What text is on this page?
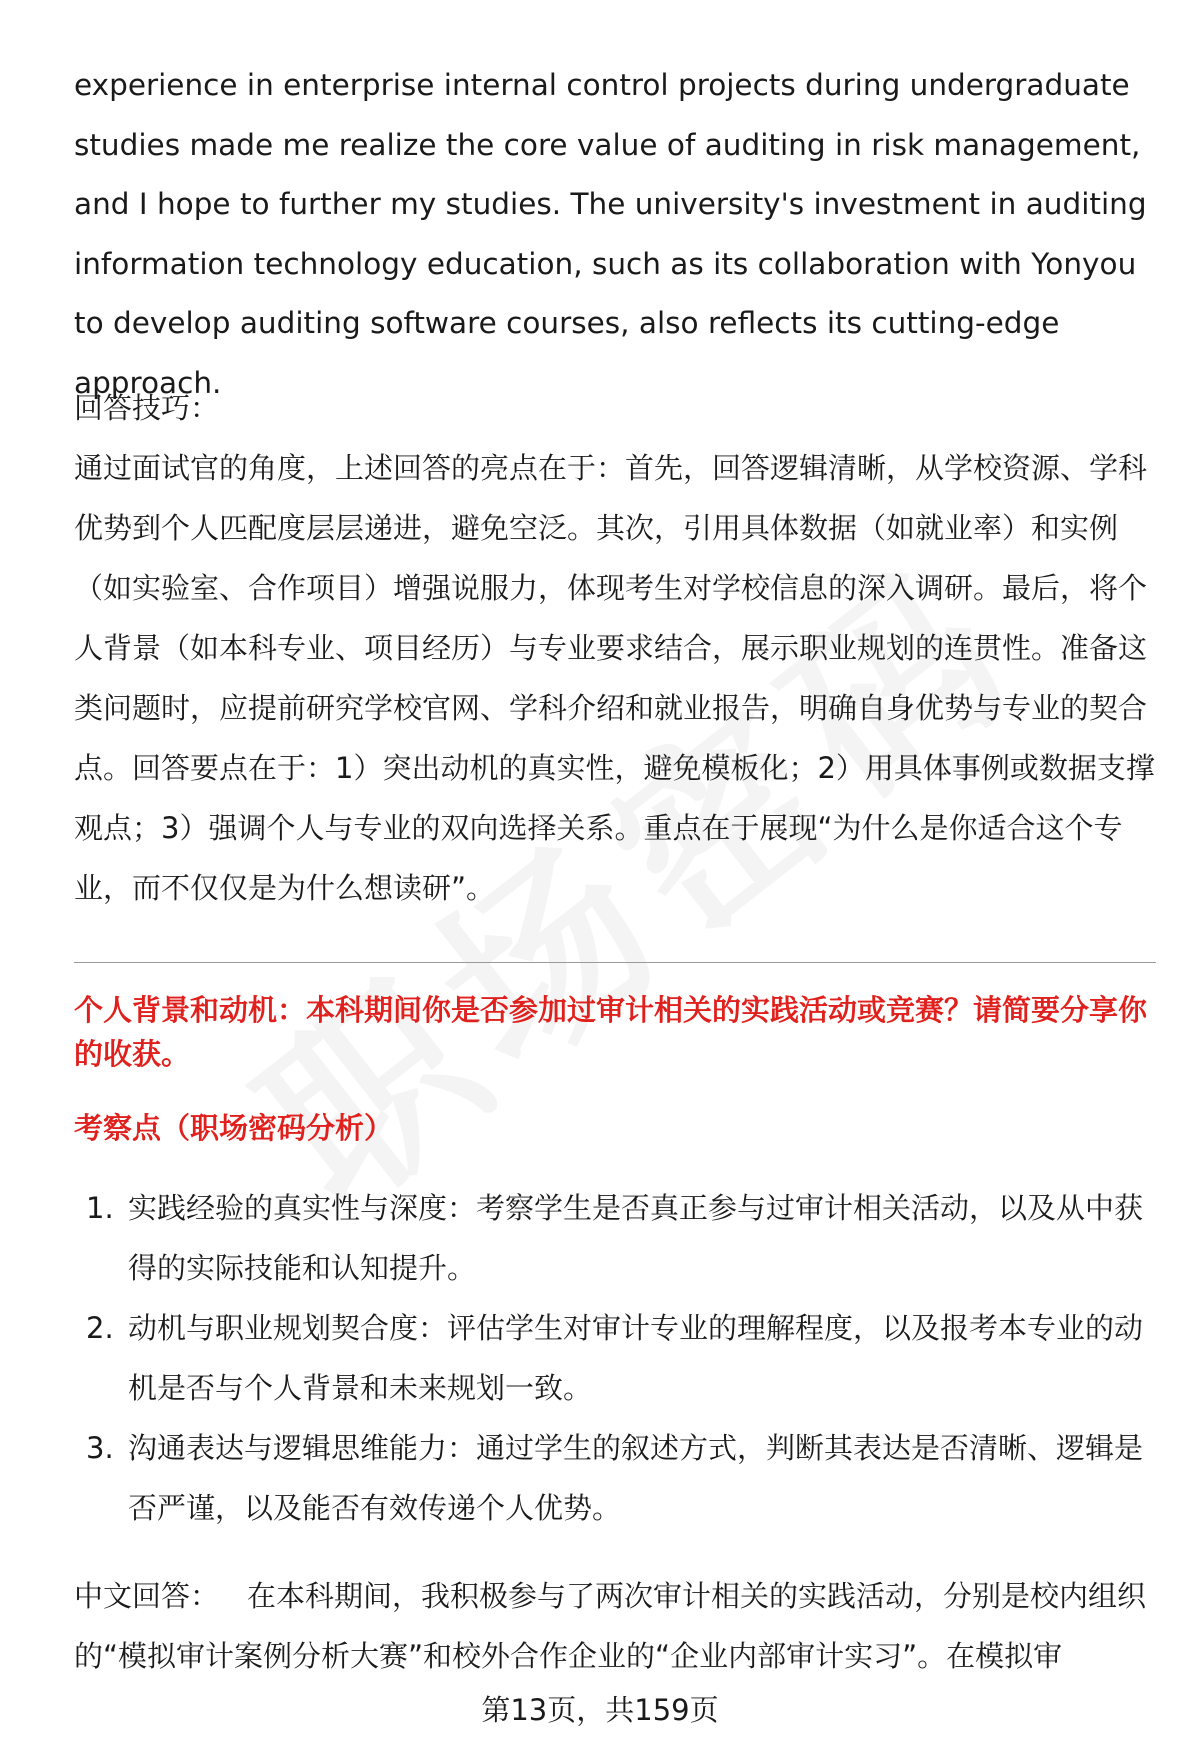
experience in enterprise internal control projects during undergraduate studies made me realize the core value of auditing in risk management, and I hope to further my studies. The university's investment in auditing information technology education, such as its collaboration with Yonyou to develop auditing software courses, also reflects its cutting-edge approach.

回答技巧：

通过面试官的角度，上述回答的亮点在于：首先，回答逻辑清晰，从学校资源、学科优势到个人匹配度层层递进，避免空泛。其次，引用具体数据（如就业率）和实例（如实验室、合作项目）增强说服力，体现考生对学校信息的深入调研。最后，将个人背景（如本科专业、项目经历）与专业要求结合，展示职业规划的连贯性。准备这类问题时，应提前研究学校官网、学科介绍和就业报告，明确自身优势与专业的契合点。回答要点在于：1）突出动机的真实性，避免模板化；2）用具体事例或数据支撑观点；3）强调个人与专业的双向选择关系。重点在于展现“为什么是你适合这个专业，而不仅仅是为什么想读研”。

个人背景和动机：本科期间你是否参加过审计相关的实践活动或竞赛？请简要分享你的收获。

考察点（职场密码分析）

1. 实践经验的真实性与深度：考察学生是否真正参与过审计相关活动，以及从中获得的实际技能和认知提升。
2. 动机与职业规划契合度：评估学生对审计专业的理解程度，以及报考本专业的动机是否与个人背景和未来规划一致。
3. 沟通表达与逻辑思维能力：通过学生的叙述方式，判断其表达是否清晰、逻辑是否严谨，以及能否有效传递个人优势。

中文回答： 在本科期间，我积极参与了两次审计相关的实践活动，分别是校内组织的“模拟审计案例分析大赛”和校外合作企业的“企业内部审计实习”。在模拟审

第13页，共159页
